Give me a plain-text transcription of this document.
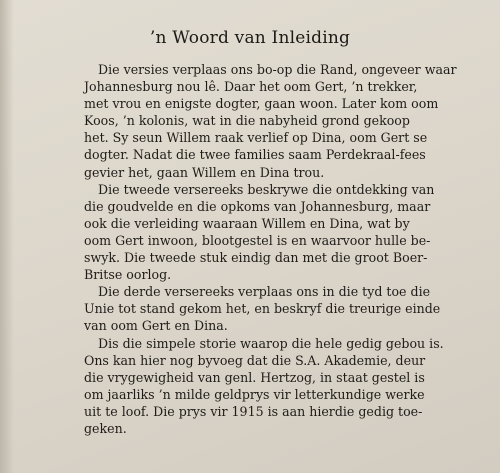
’n Woord van Inleiding

Die versies verplaas ons bo-op die Rand, ongeveer waar
Johannesburg nou lê. Daar het oom Gert, ’n trekker,
met vrou en enigste dogter, gaan woon. Later kom oom
Koos, ’n kolonis, wat in die nabyheid grond gekoop
het. Sy seun Willem raak verlief op Dina, oom Gert se
dogter. Nadat die twee families saam Perdekraal-fees
gevier het, gaan Willem en Dina trou.

Die tweede versereeks beskrywe die ontdekking van
die goudvelde en die opkoms van Johannesburg, maar
ook die verleiding waaraan Willem en Dina, wat by
oom Gert inwoon, blootgestel is en waarvoor hulle be-
swyk. Die tweede stuk eindig dan met die groot Boer-
Britse oorlog.

Die derde versereeks verplaas ons in die tyd toe die
Unie tot stand gekom het, en beskryf die treurige einde
van oom Gert en Dina.

Dis die simpele storie waarop die hele gedig gebou is.
Ons kan hier nog byvoeg dat die S.A. Akademie, deur
die vrygewigheid van genl. Hertzog, in staat gestel is
om jaarliks ’n milde geldprys vir letterkundige werke
uit te loof. Die prys vir 1915 is aan hierdie gedig toe-
geken.
